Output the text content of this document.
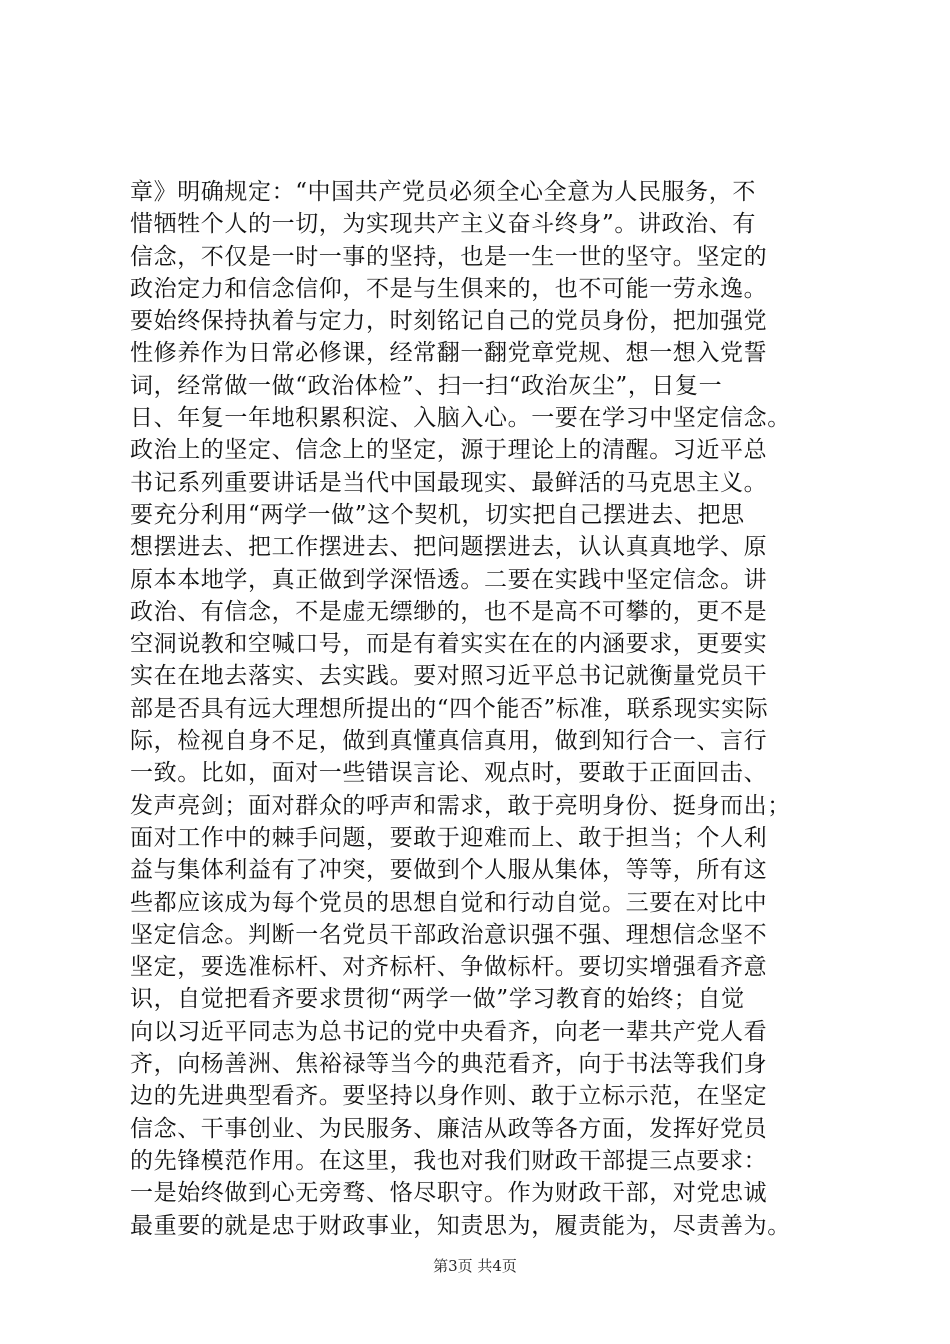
章》明确规定：“中国共产党员必须全心全意为人民服务，不
惜牺牲个人的一切，为实现共产主义奋斗终身”。讲政治、有
信念，不仅是一时一事的坚持，也是一生一世的坚守。坚定的
政治定力和信念信仰，不是与生俱来的，也不可能一劳永逸。
要始终保持执着与定力，时刻铭记自己的党员身份，把加强党
性修养作为日常必修课，经常翻一翻党章党规、想一想入党誓
词，经常做一做“政治体检”、扫一扫“政治灰尘”，日复一
日、年复一年地积累积淀、入脑入心。一要在学习中坚定信念。
政治上的坚定、信念上的坚定，源于理论上的清醒。习近平总
书记系列重要讲话是当代中国最现实、最鲜活的马克思主义。
要充分利用“两学一做”这个契机，切实把自己摆进去、把思
想摆进去、把工作摆进去、把问题摆进去，认认真真地学、原
原本本地学，真正做到学深悟透。二要在实践中坚定信念。讲
政治、有信念，不是虚无缥缈的，也不是高不可攀的，更不是
空洞说教和空喊口号，而是有着实实在在的内涵要求，更要实
实在在地去落实、去实践。要对照习近平总书记就衡量党员干
部是否具有远大理想所提出的“四个能否”标准，联系现实实际
际，检视自身不足，做到真懂真信真用，做到知行合一、言行
一致。比如，面对一些错误言论、观点时，要敢于正面回击、
发声亮剑；面对群众的呼声和需求，敢于亮明身份、挺身而出；
面对工作中的棘手问题，要敢于迎难而上、敢于担当；个人利
益与集体利益有了冲突，要做到个人服从集体，等等，所有这
些都应该成为每个党员的思想自觉和行动自觉。三要在对比中
坚定信念。判断一名党员干部政治意识强不强、理想信念坚不
坚定，要选准标杆、对齐标杆、争做标杆。要切实增强看齐意
识，自觉把看齐要求贯彻“两学一做”学习教育的始终；自觉
向以习近平同志为总书记的党中央看齐，向老一辈共产党人看
齐，向杨善洲、焦裕禄等当今的典范看齐，向于书法等我们身
边的先进典型看齐。要坚持以身作则、敢于立标示范，在坚定
信念、干事创业、为民服务、廉洁从政等各方面，发挥好党员
的先锋模范作用。在这里，我也对我们财政干部提三点要求：
一是始终做到心无旁骛、恪尽职守。作为财政干部，对党忠诚
最重要的就是忠于财政事业，知责思为，履责能为，尽责善为。
第3页 共4页
